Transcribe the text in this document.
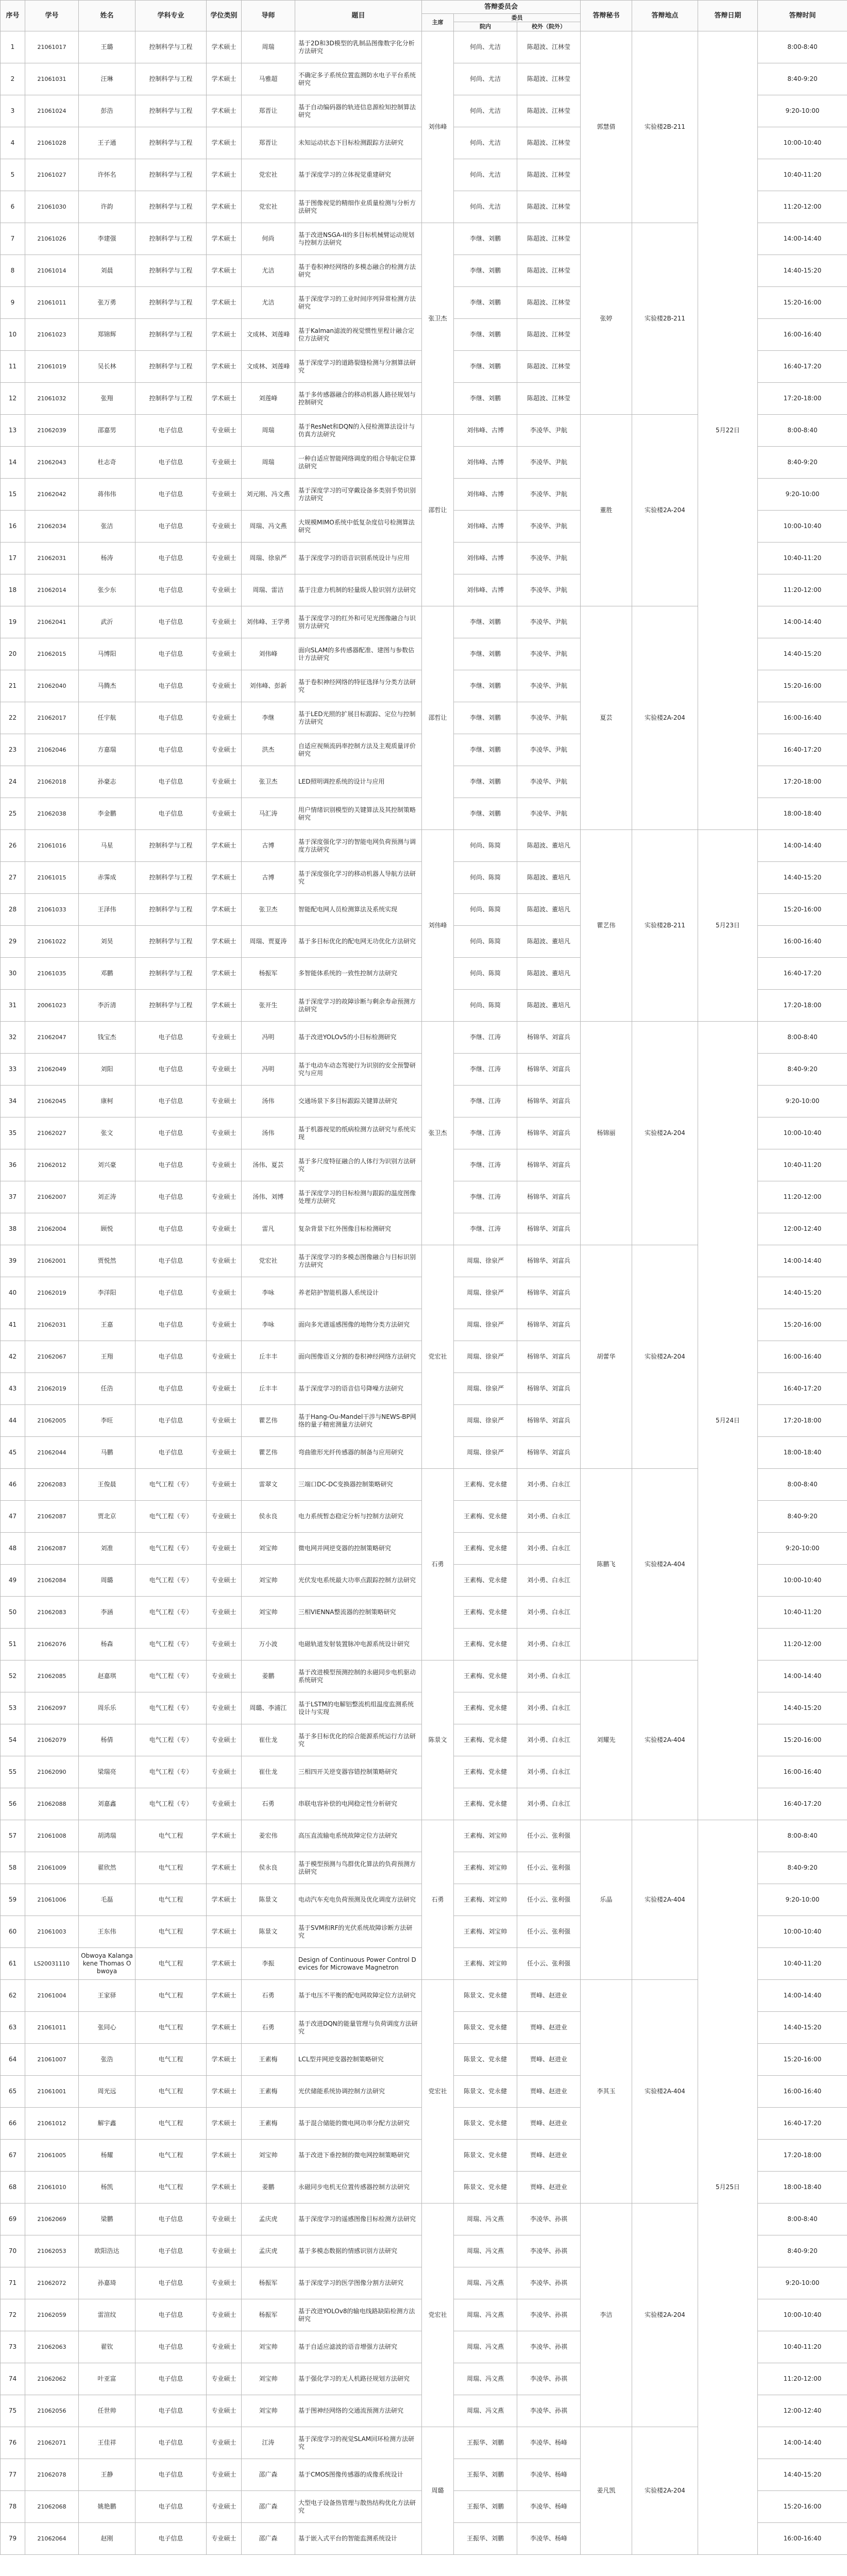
序号	学号	姓名	学科专业	学位类别	导师	题目	答辩委员会			答辩秘书	答辩地点	答辩日期	答辩时间
							主席	委员					
								院内	校外（院外）				
1	21061017	王璐	控制科学与工程	学术硕士	周瑞	基于2D和3D模型的乳制品图像数字化分析方法研究	刘伟峰	何尚、尤洁	陈超波、江林莹	郭慧倩	实验楼2B-211	5月22日	8:00-8:40
2	21061031	汪琳	控制科学与工程	学术硕士	马雅超	不确定多子系统位置监测防水电子平台系统研究		何尚、尤洁	陈超波、江林莹				8:40-9:20
3	21061024	彭浩	控制科学与工程	学术硕士	郑晋让	基于自动编码器的轨迹信息源检知控制算法研究		何尚、尤洁	陈超波、江林莹				9:20-10:00
4	21061028	王子通	控制科学与工程	学术硕士	郑晋让	未知运动状态下目标检测跟踪方法研究		何尚、尤洁	陈超波、江林莹				10:00-10:40
5	21061027	许怀名	控制科学与工程	学术硕士	党宏社	基于深度学习的立体视觉重建研究		何尚、尤洁	陈超波、江林莹				10:40-11:20
6	21061030	许韵	控制科学与工程	学术硕士	党宏社	基于图像视觉的精细作业质量检测与分析方法研究		何尚、尤洁	陈超波、江林莹				11:20-12:00
7	21061026	李建强	控制科学与工程	学术硕士	何尚	基于改进NSGA-II的多目标机械臂运动规划与控制方法研究	张卫杰	李继、刘鹏	陈超波、江林莹	张婷	实验楼2B-211		14:00-14:40
8	21061014	刘晨	控制科学与工程	学术硕士	尤洁	基于卷积神经网络的多模态融合的检测方法研究		李继、刘鹏	陈超波、江林莹				14:40-15:20
9	21061011	张万勇	控制科学与工程	学术硕士	尤洁	基于深度学习的工业时间序列异常检测方法研究		李继、刘鹏	陈超波、江林莹				15:20-16:00
10	21061023	郑锦辉	控制科学与工程	学术硕士	文成林、刘莲峰	基于Kalman滤波的视觉惯性里程计融合定位方法研究		李继、刘鹏	陈超波、江林莹				16:00-16:40
11	21061019	吴长林	控制科学与工程	学术硕士	文成林、刘莲峰	基于深度学习的道路裂缝检测与分割算法研究		李继、刘鹏	陈超波、江林莹				16:40-17:20
12	21061032	张翔	控制科学与工程	学术硕士	刘莲峰	基于多传感器融合的移动机器人路径规划与控制研究		李继、刘鹏	陈超波、江林莹				17:20-18:00
13	21062039	邵嘉男	电子信息	专业硕士	周瑞	基于ResNet和DQN的入侵检测算法设计与仿真方法研究	邵哲让	刘伟峰、古博	李凌华、尹航	董胜	实验楼2A-204		8:00-8:40
14	21062043	杜志奇	电子信息	专业硕士	周瑞	一种自适应智能网络调度的组合导航定位算法研究		刘伟峰、古博	李凌华、尹航				8:40-9:20
15	21062042	蒋伟伟	电子信息	专业硕士	刘元刚、冯文燕	基于深度学习的可穿戴设备多类别手势识别方法研究		刘伟峰、古博	李凌华、尹航				9:20-10:00
16	21062034	张洁	电子信息	专业硕士	周瑞、冯文燕	大规模MIMO系统中低复杂度信号检测算法研究		刘伟峰、古博	李凌华、尹航				10:00-10:40
17	21062031	杨涛	电子信息	专业硕士	周瑞、徐泉严	基于深度学习的语音识别系统设计与应用		刘伟峰、古博	李凌华、尹航				10:40-11:20
18	21062014	张少东	电子信息	专业硕士	周瑞、雷洁	基于注意力机制的轻量级人脸识别方法研究		刘伟峰、古博	李凌华、尹航				11:20-12:00
19	21062041	武沂	电子信息	专业硕士	刘伟峰、王学勇	基于深度学习的红外和可见光图像融合与识别方法研究	邵哲让	李继、刘鹏	李凌华、尹航	夏芸	实验楼2A-204		14:00-14:40
20	21062015	马博阳	电子信息	专业硕士	刘伟峰	面向SLAM的多传感器配准、建图与参数估计方法研究		李继、刘鹏	李凌华、尹航				14:40-15:20
21	21062040	马腾杰	电子信息	专业硕士	刘伟峰、彭新	基于卷积神经网络的特征选择与分类方法研究		李继、刘鹏	李凌华、尹航				15:20-16:00
22	21062017	任宇航	电子信息	专业硕士	李继	基于LED光照的扩展目标跟踪、定位与控制方法研究		李继、刘鹏	李凌华、尹航				16:00-16:40
23	21062046	方嘉瑞	电子信息	专业硕士	洪杰	自适应视频流码率控制方法及主观质量评价研究		李继、刘鹏	李凌华、尹航				16:40-17:20
24	21062018	孙豪志	电子信息	专业硕士	张卫杰	LED照明调控系统的设计与应用		李继、刘鹏	李凌华、尹航				17:20-18:00
25	21062038	李金鹏	电子信息	专业硕士	马汇涛	用户情绪识别模型的关键算法及其控制策略研究		李继、刘鹏	李凌华、尹航				18:00-18:40
26	21061016	马星	控制科学与工程	学术硕士	古博	基于深度强化学习的智能电网负荷预测与调度方法研究	刘伟峰	何尚、陈简	陈超波、董培凡	瞿艺伟	实验楼2B-211	5月23日	14:00-14:40
27	21061015	赤霁成	控制科学与工程	学术硕士	古博	基于深度强化学习的移动机器人导航方法研究		何尚、陈简	陈超波、董培凡				14:40-15:20
28	21061033	王泽伟	控制科学与工程	学术硕士	张卫杰	智能配电网人员检测算法及系统实现		何尚、陈简	陈超波、董培凡				15:20-16:00
29	21061022	刘昊	控制科学与工程	学术硕士	周瑞、贾夏涛	基于多目标优化的配电网无功优化方法研究		何尚、陈简	陈超波、董培凡				16:00-16:40
30	21061035	邓鹏	控制科学与工程	学术硕士	杨振军	多智能体系统的一致性控制方法研究		何尚、陈简	陈超波、董培凡				16:40-17:20
31	20061023	李沂清	控制科学与工程	学术硕士	张开生	基于深度学习的故障诊断与剩余寿命预测方法研究		何尚、陈简	陈超波、董培凡				17:20-18:00
32	21062047	钱宝杰	电子信息	专业硕士	冯明	基于改进YOLOv5的小目标检测研究	张卫杰	李继、江涛	杨锦华、刘富兵	杨锦丽	实验楼2A-204	5月24日	8:00-8:40
33	21062049	刘阳	电子信息	专业硕士	冯明	基于电动车动态驾驶行为识别的安全预警研究与应用		李继、江涛	杨锦华、刘富兵				8:40-9:20
34	21062045	康柯	电子信息	专业硕士	汤伟	交通场景下多目标跟踪关键算法研究		李继、江涛	杨锦华、刘富兵				9:20-10:00
35	21062027	张文	电子信息	专业硕士	汤伟	基于机器视觉的纸病检测方法研究与系统实现		李继、江涛	杨锦华、刘富兵				10:00-10:40
36	21062012	刘兴豪	电子信息	专业硕士	汤伟、夏芸	基于多尺度特征融合的人体行为识别方法研究		李继、江涛	杨锦华、刘富兵				10:40-11:20
37	21062007	刘正涛	电子信息	专业硕士	汤伟、刘博	基于深度学习的目标检测与跟踪的温度图像处理方法研究		李继、江涛	杨锦华、刘富兵				11:20-12:00
38	21062004	顾悦	电子信息	专业硕士	雷凡	复杂背景下红外图像目标检测研究		李继、江涛	杨锦华、刘富兵				12:00-12:40
39	21062001	贾悦然	电子信息	专业硕士	党宏社	基于深度学习的多模态图像融合与目标识别方法研究	党宏社	周瑞、徐泉严	杨锦华、刘富兵	胡蕾华	实验楼2A-204		14:00-14:40
40	21062019	李洋阳	电子信息	专业硕士	李咏	养老陪护智能机器人系统设计		周瑞、徐泉严	杨锦华、刘富兵				14:40-15:20
41	21062031	王嘉	电子信息	专业硕士	李咏	面向多光谱遥感图像的地物分类方法研究		周瑞、徐泉严	杨锦华、刘富兵				15:20-16:00
42	21062067	王翔	电子信息	专业硕士	丘丰丰	面向图像语义分割的卷积神经网络方法研究		周瑞、徐泉严	杨锦华、刘富兵				16:00-16:40
43	21062019	任浩	电子信息	专业硕士	丘丰丰	基于深度学习的语音信号降噪方法研究		周瑞、徐泉严	杨锦华、刘富兵				16:40-17:20
44	21062005	李旺	电子信息	专业硕士	瞿艺伟	基于Hang-Ou-Mandel干涉与NEWS-BP网络的量子精密测量方法研究		周瑞、徐泉严	杨锦华、刘富兵				17:20-18:00
45	21062044	马鹏	电子信息	专业硕士	瞿艺伟	弯曲锥形光纤传感器的制备与应用研究		周瑞、徐泉严	杨锦华、刘富兵				18:00-18:40
46	22062083	王俊晨	电气工程（专）	专业硕士	雷翠文	三端口DC-DC变换器控制策略研究	石勇	王素梅、党永健	刘小勇、白永江	陈鹏飞	实验楼2A-404		8:00-8:40
47	21062087	贾北京	电气工程（专）	专业硕士	侯永良	电力系统暂态稳定分析与控制方法研究		王素梅、党永健	刘小勇、白永江				8:40-9:20
48	21062087	刘准	电气工程（专）	专业硕士	刘宝帅	微电网并网逆变器的控制策略研究		王素梅、党永健	刘小勇、白永江				9:20-10:00
49	21062084	周璐	电气工程（专）	专业硕士	刘宝帅	光伏发电系统最大功率点跟踪控制方法研究		王素梅、党永健	刘小勇、白永江				10:00-10:40
50	21062083	李涵	电气工程（专）	专业硕士	刘宝帅	三相VIENNA整流器的控制策略研究		王素梅、党永健	刘小勇、白永江				10:40-11:20
51	21062076	杨森	电气工程（专）	专业硕士	万小波	电磁轨道发射装置脉冲电源系统设计研究		王素梅、党永健	刘小勇、白永江				11:20-12:00
52	21062085	赵嘉琪	电气工程（专）	专业硕士	姜鹏	基于改进模型预测控制的永磁同步电机驱动系统研究	陈景文	王素梅、党永健	刘小勇、白永江	刘耀先	实验楼2A-404		14:00-14:40
53	21062097	周乐乐	电气工程（专）	专业硕士	周璐、李浦江	基于LSTM的电解铝整流机组温度监测系统设计与实现		王素梅、党永健	刘小勇、白永江				14:40-15:20
54	21062079	杨倩	电气工程（专）	专业硕士	崔仕龙	基于多目标优化的综合能源系统运行方法研究		王素梅、党永健	刘小勇、白永江				15:20-16:00
55	21062090	梁瑞亮	电气工程（专）	专业硕士	崔仕龙	三相四开关逆变器容错控制策略研究		王素梅、党永健	刘小勇、白永江				16:00-16:40
56	21062088	刘嘉鑫	电气工程（专）	专业硕士	石勇	串联电容补偿的电网稳定性分析研究		王素梅、党永健	刘小勇、白永江				16:40-17:20
57	21061008	胡鸿瑞	电气工程	学术硕士	姜宏伟	高压直流输电系统故障定位方法研究	石勇	王素梅、刘宝帅	任小云、张利强	乐晶	实验楼2A-404	5月25日	8:00-8:40
58	21061009	翟欣然	电气工程	学术硕士	侯永良	基于模型预测与鸟群优化算法的负荷预测方法研究		王素梅、刘宝帅	任小云、张利强				8:40-9:20
59	21061006	毛磊	电气工程	学术硕士	陈景文	电动汽车充电负荷预测及优化调度方法研究		王素梅、刘宝帅	任小云、张利强				9:20-10:00
60	21061003	王东伟	电气工程	学术硕士	陈景文	基于SVM和RF的光伏系统故障诊断方法研究		王素梅、刘宝帅	任小云、张利强				10:00-10:40
61	LS20031110	Obwoya Kalangakene Thomas Obwoya	电气工程	学术硕士	李振	Design of Continuous Power Control Devices for Microwave Magnetron		王素梅、刘宝帅	任小云、张利强				10:40-11:20
62	21061004	王家驿	电气工程	学术硕士	石勇	基于电压不平衡的配电网故障定位方法研究	党宏社	陈景文、党永健	贾峰、赵进业	李其玉	实验楼2A-404		14:00-14:40
63	21061011	张同心	电气工程	学术硕士	石勇	基于改进DQN的能量管理与负荷调度方法研究		陈景文、党永健	贾峰、赵进业				14:40-15:20
64	21061007	张浩	电气工程	学术硕士	王素梅	LCL型并网逆变器控制策略研究		陈景文、党永健	贾峰、赵进业				15:20-16:00
65	21061001	周光远	电气工程	学术硕士	王素梅	光伏储能系统协调控制方法研究		陈景文、党永健	贾峰、赵进业				16:00-16:40
66	21061012	解宇鑫	电气工程	学术硕士	王素梅	基于混合储能的微电网功率分配方法研究		陈景文、党永健	贾峰、赵进业				16:40-17:20
67	21061005	杨耀	电气工程	学术硕士	刘宝帅	基于改进下垂控制的微电网控制策略研究		陈景文、党永健	贾峰、赵进业				17:20-18:00
68	21061010	杨凯	电气工程	学术硕士	姜鹏	永磁同步电机无位置传感器控制方法研究		陈景文、党永健	贾峰、赵进业				18:00-18:40
69	21062069	梁鹏	电子信息	专业硕士	孟庆虎	基于深度学习的遥感图像目标检测方法研究	党宏社	周瑞、冯文燕	李凌华、孙祺	李洁	实验楼2A-204		8:00-8:40
70	21062053	欧阳浩达	电子信息	专业硕士	孟庆虎	基于多模态数据的情感识别方法研究		周瑞、冯文燕	李凌华、孙祺				8:40-9:20
71	21062072	孙嘉琦	电子信息	专业硕士	杨振军	基于深度学习的医学图像分割方法研究		周瑞、冯文燕	李凌华、孙祺				9:20-10:00
72	21062059	雷渲纹	电子信息	专业硕士	杨振军	基于改进YOLOv8的输电线路缺陷检测方法研究		周瑞、冯文燕	李凌华、孙祺				10:00-10:40
73	21062063	翟钦	电子信息	专业硕士	刘宝帅	基于自适应滤波的语音增强方法研究		周瑞、冯文燕	李凌华、孙祺				10:40-11:20
74	21062062	叶亚富	电子信息	专业硕士	刘宝帅	基于强化学习的无人机路径规划方法研究		周瑞、冯文燕	李凌华、孙祺				11:20-12:00
75	21062056	任世帅	电子信息	专业硕士	刘宝帅	基于图神经网络的交通流预测方法研究		周瑞、冯文燕	李凌华、孙祺				12:00-12:40
76	21062071	王佳祥	电子信息	专业硕士	江涛	基于深度学习的视觉SLAM回环检测方法研究	周璐	王振华、刘鹏	李凌华、杨峰	姜凡凯	实验楼2A-204		14:00-14:40
77	21062078	王静	电子信息	专业硕士	邵广森	基于CMOS图像传感器的成像系统设计		王振华、刘鹏	李凌华、杨峰				14:40-15:20
78	21062068	姚艳鹏	电子信息	专业硕士	邵广森	大型电子设备热管理与散热结构优化方法研究		王振华、刘鹏	李凌华、杨峰				15:20-16:00
79	21062064	赵刚	电子信息	专业硕士	邵广森	基于嵌入式平台的智能监测系统设计		王振华、刘鹏	李凌华、杨峰				16:00-16:40
